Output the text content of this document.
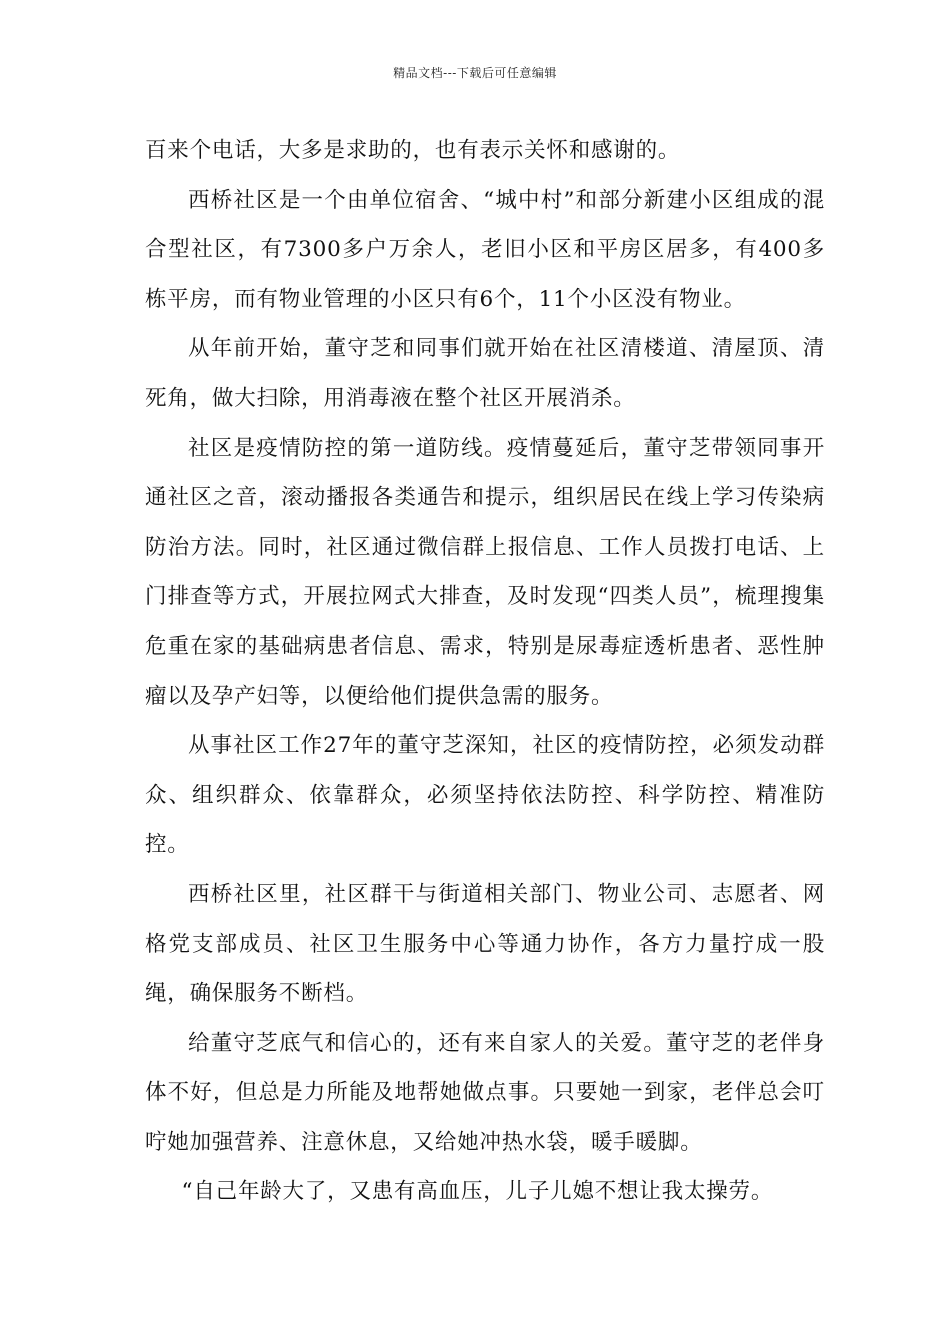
精品文档---下载后可任意编辑

百来个电话，大多是求助的，也有表示关怀和感谢的。

西桥社区是一个由单位宿舍、“城中村”和部分新建小区组成的混合型社区，有7300多户万余人，老旧小区和平房区居多，有400多栋平房，而有物业管理的小区只有6个，11个小区没有物业。

从年前开始，董守芝和同事们就开始在社区清楼道、清屋顶、清死角，做大扫除，用消毒液在整个社区开展消杀。

社区是疫情防控的第一道防线。疫情蔓延后，董守芝带领同事开通社区之音，滚动播报各类通告和提示，组织居民在线上学习传染病防治方法。同时，社区通过微信群上报信息、工作人员拨打电话、上门排查等方式，开展拉网式大排查，及时发现“四类人员”，梳理搜集危重在家的基础病患者信息、需求，特别是尿毒症透析患者、恶性肿瘤以及孕产妇等，以便给他们提供急需的服务。

从事社区工作27年的董守芝深知，社区的疫情防控，必须发动群众、组织群众、依靠群众，必须坚持依法防控、科学防控、精准防控。

西桥社区里，社区群干与街道相关部门、物业公司、志愿者、网格党支部成员、社区卫生服务中心等通力协作，各方力量拧成一股绳，确保服务不断档。

给董守芝底气和信心的，还有来自家人的关爱。董守芝的老伴身体不好，但总是力所能及地帮她做点事。只要她一到家，老伴总会叮咛她加强营养、注意休息，又给她冲热水袋，暖手暖脚。

“自己年龄大了，又患有高血压，儿子儿媳不想让我太操劳。
